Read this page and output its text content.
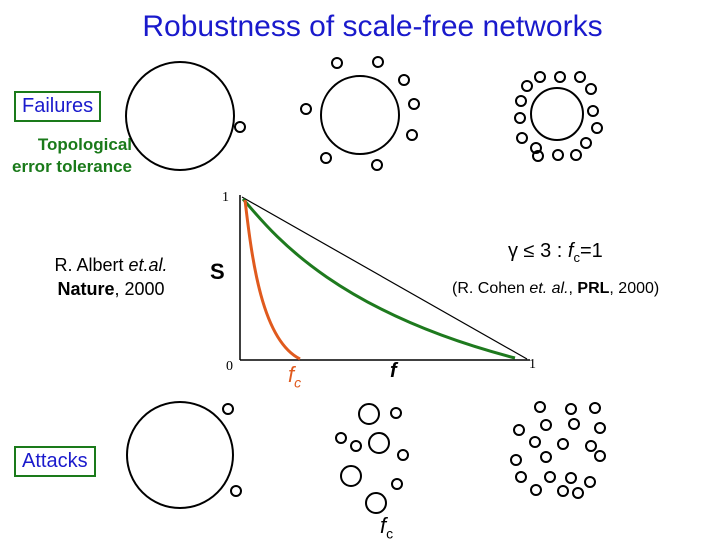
Robustness of scale-free networks
Failures
Topological
error tolerance
Attacks
R. Albert et.al.
Nature, 2000
1
0	1
S
f
$f_c$
γ ≤ 3 : $f_c=1$
(R. Cohen et. al., PRL, 2000)
$f_c$
